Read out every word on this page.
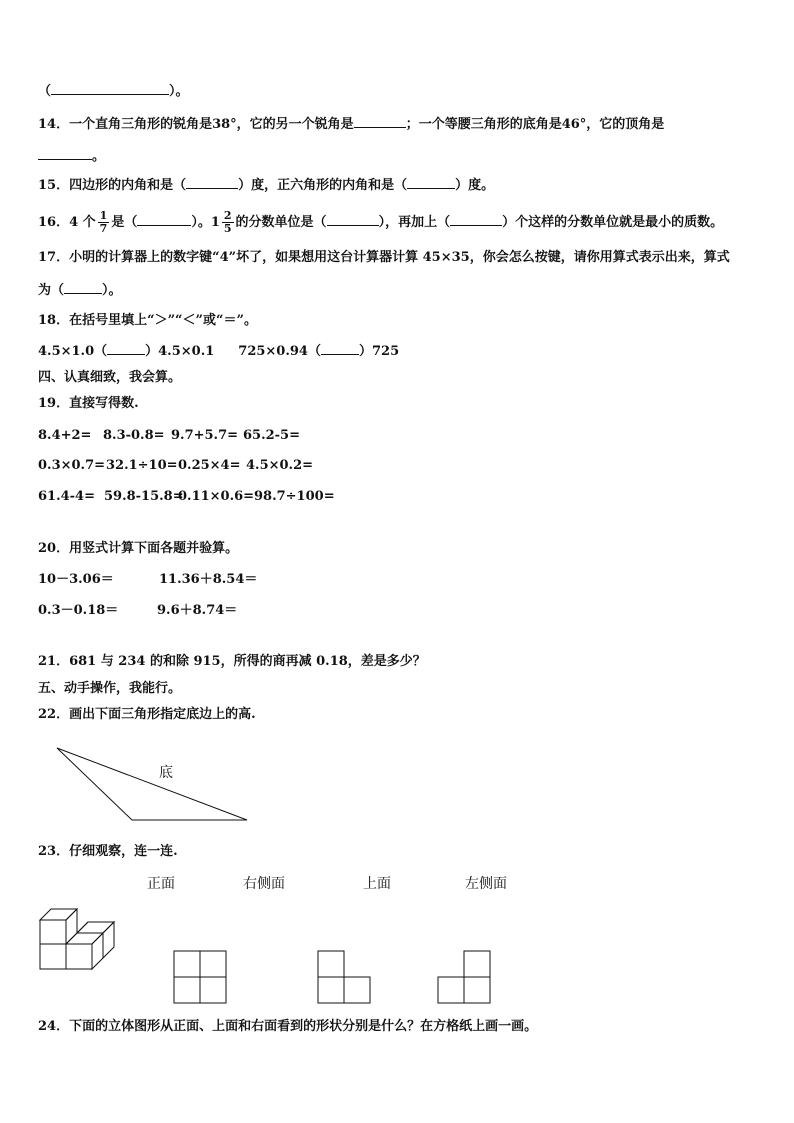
（	）。
14．一个直角三角形的锐角是38°，它的另一个锐角是	；一个等腰三角形的底角是46°，它的顶角是
。
15．四边形的内角和是（	）度，正六角形的内角和是（	）度。
16．4 个 $\frac{1}{7}$ 是（	）。$1 \frac{2}{5}$ 的分数单位是（	），再加上（	）个这样的分数单位就是最小的质数。
17．小明的计算器上的数字键“4”坏了，如果想用这台计算器计算 45×35，你会怎么按键，请你用算式表示出来，算式
为（	）。
18．在括号里填上“＞”“＜”或“＝”。
4.5×1.0（	）4.5×0.1 725×0.94（	）725
四、认真细致，我会算。
19．直接写得数.
8.4+2= 8.3-0.8= 9.7+5.7= 65.2-5=
0.3×0.7=32.1÷10=0.25×4= 4.5×0.2=
61.4-4= 59.8-15.8=0.11×0.6=98.7÷100=
20．用竖式计算下面各题并验算。
10－3.06＝	11.36＋8.54＝
0.3－0.18＝	9.6＋8.74＝
21．681 与 234 的和除 915，所得的商再减 0.18，差是多少？
五、动手操作，我能行。
22．画出下面三角形指定底边上的高.
底
23．仔细观察，连一连.
正面	右侧面	上面	左侧面
24．下面的立体图形从正面、上面和右面看到的形状分别是什么？在方格纸上画一画。
